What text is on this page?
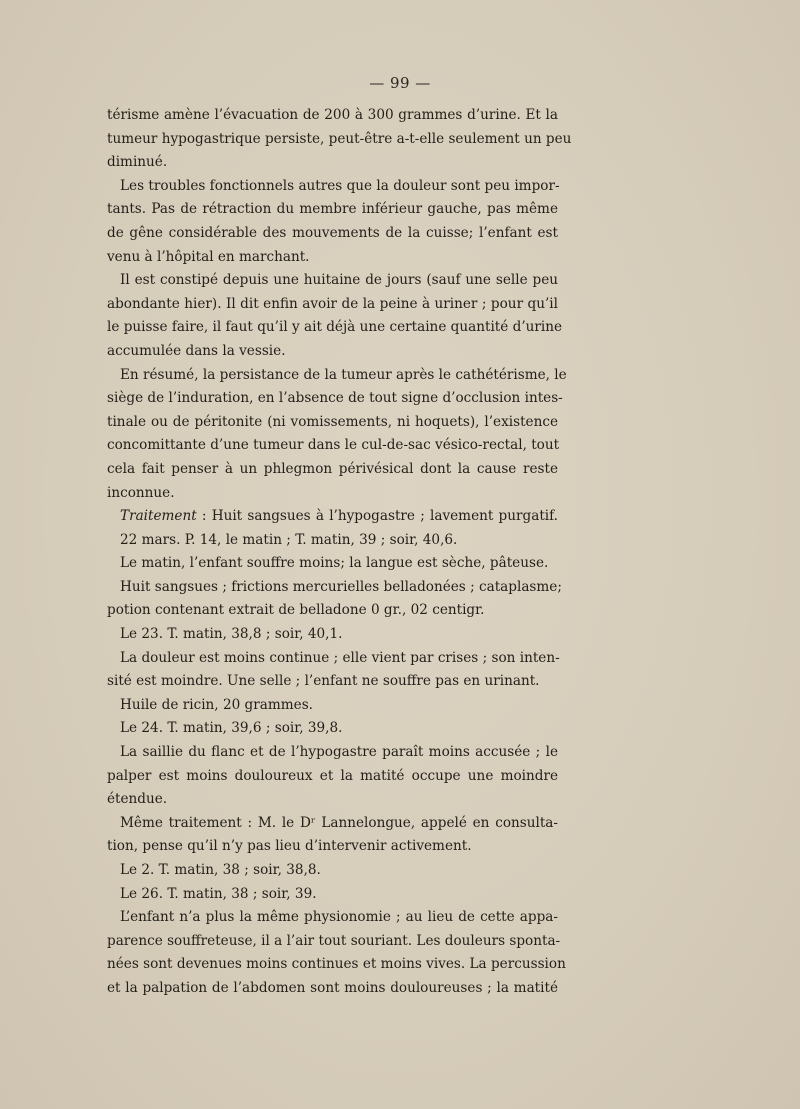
— 99 —
térisme amène l’évacuation de 200 à 300 grammes d’urine. Et la
tumeur hypogastrique persiste, peut-être a-t-elle seulement un peu
diminué.
Les troubles fonctionnels autres que la douleur sont peu impor-
tants. Pas de rétraction du membre inférieur gauche, pas même
de gêne considérable des mouvements de la cuisse; l’enfant est
venu à l’hôpital en marchant.
Il est constipé depuis une huitaine de jours (sauf une selle peu
abondante hier). Il dit enfin avoir de la peine à uriner ; pour qu’il
le puisse faire, il faut qu’il y ait déjà une certaine quantité d’urine
accumulée dans la vessie.
En résumé, la persistance de la tumeur après le cathétérisme, le
siège de l’induration, en l’absence de tout signe d’occlusion intes-
tinale ou de péritonite (ni vomissements, ni hoquets), l’existence
concomittante d’une tumeur dans le cul-de-sac vésico-rectal, tout
cela fait penser à un phlegmon périvésical dont la cause reste
inconnue.
Traitement : Huit sangsues à l’hypogastre ; lavement purgatif.
22 mars. P. 14, le matin ; T. matin, 39 ; soir, 40,6.
Le matin, l’enfant souffre moins; la langue est sèche, pâteuse.
Huit sangsues ; frictions mercurielles belladonées ; cataplasme;
potion contenant extrait de belladone 0 gr., 02 centigr.
Le 23. T. matin, 38,8 ; soir, 40,1.
La douleur est moins continue ; elle vient par crises ; son inten-
sité est moindre. Une selle ; l’enfant ne souffre pas en urinant.
Huile de ricin, 20 grammes.
Le 24. T. matin, 39,6 ; soir, 39,8.
La saillie du flanc et de l’hypogastre paraît moins accusée ; le
palper est moins douloureux et la matité occupe une moindre
étendue.
Même traitement : M. le Dʳ Lannelongue, appelé en consulta-
tion, pense qu’il n’y pas lieu d’intervenir activement.
Le 2. T. matin, 38 ; soir, 38,8.
Le 26. T. matin, 38 ; soir, 39.
L’enfant n’a plus la même physionomie ; au lieu de cette appa-
parence souffreteuse, il a l’air tout souriant. Les douleurs sponta-
nées sont devenues moins continues et moins vives. La percussion
et la palpation de l’abdomen sont moins douloureuses ; la matité
